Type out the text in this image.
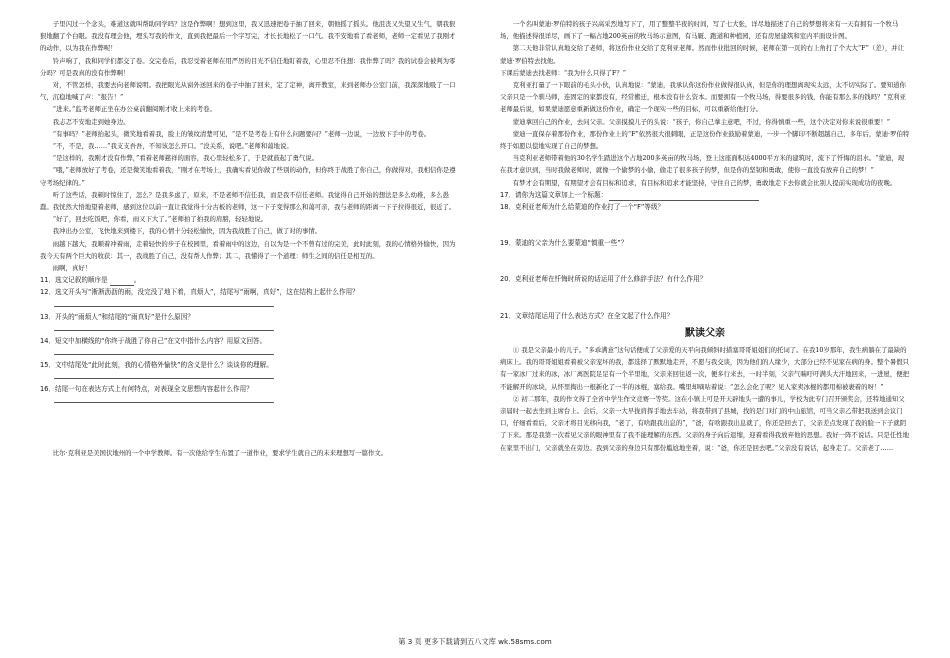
子里闪过一个念头，难道这就叫帮助同学吗？这是作弊啊！想到这里，我又迅速把卷子抽了回来，朝他摇了摇头。他沮丧又失望又生气，朝我狠狠地翻了个白眼。我没有理会他，埋头写我的作文，直到我把最后一个字写完，才长长地松了一口气。我不安地看了看老师，老师一定看见了我刚才的动作，以为我在作弊呢！

铃声响了，我和同学们都交了卷。交完卷后，我忍受着老师在用严厉的目光不信任地盯着我，心里忍不住想：我作弊了吗？我的试卷会被判为零分吗？可是我真的没有作弊啊！

对，不管怎样，我要去向老师说明。我把眼光从窗外送回来的卷子中抽了回来，定了定神，离开教室，来到老师办公室门前，我深深地吸了一口气，沉稳地喊了声：“报告！”

“进来。”监考老师正坐在办公桌前翻阅刚才收上来的考卷。

我忐忑不安地走到她身边。

“有事吗？”老师抬起头，微笑地看着我，脸上的皱纹清楚可见，“是不是考卷上有什么问题要问？”老师一边说，一边放下手中的考卷。

“不，不是，我……”我支支吾吾，不知该怎么开口。“没关系，说吧。”老师和蔼地说。

“是这样的，我刚才没有作弊，”看着老师慈祥的面容，我心里轻松多了，于是就鼓起了勇气说。

“哦，”老师放好了考卷，还是微笑地看着我，“刚才在考场上，我确实看见你做了些别的动作，但你终于战胜了你自己，你做得对，我相信你是遵守考场纪律的。”

听了这些话，我顿时惊住了，怎么？是我多虑了，原来，不是老师不信任我，而是我不信任老师。我觉得自己开始的想法是多么幼稚，多么愚蠢。我恍然大悟地望着老师，感到这位以前一直让我觉得十分古板的老师，这一下子变得那么和蔼可亲，我与老师的距离一下子拉得很近，很近了。

“好了，回去吃饭吧，你看，雨又下大了。”老师拍了拍我的肩膀，轻轻地说。

我冲出办公室，飞快地来到楼下，我的心情十分轻松愉快，因为我战胜了自己，做了对的事情。

雨越下越大，我顺着冲着雨，走着轻快的步子在校园里，看着雨中的这边，自以为是一个不曾有过的完美，此时此刻，我的心情格外愉快，因为我今天有两个巨大的收获：其一，我战胜了自己，没有帮人作弊；其二，我懂得了一个道理：师生之间的信任是相互的。

雨啊，真好！

11．选文记叙的顺序是	。
12．选文开头写“淅淅沥沥的雨，没完没了地下着，真烦人”，结尾写“雨啊，真好”，这在结构上起什么作用？
13．开头的“雨烦人”和结尾的“雨真好”是什么原因？
14．短文中加横线的“你终于战胜了你自己”在文中指什么内容？用原文回答。
15．文中结尾处“此时此刻，我的心情格外愉快”的含义是什么？谈谈你的理解。
16．结尾一句在表达方式上有何特点，对表现全文思想内容起什么作用？

比尔·克利亚是美国伏地州的一个中学教师。有一次他给学生布置了一道作业，要求学生就自己的未来理想写一篇作文。

一个名叫蒙迪·罗伯特的孩子兴高采烈地写下了，用了整整半夜的时间，写了七大张，详尽地描述了自己的梦想将来有一天有拥有一个牧马场，他描述得很详尽，画下了一幅占地200英亩的牧马场示意图，有马厩、跑道和种植园，还有房屋建筑和室内平面设计图。

第二天他非常认真地交给了老师，将这份作业交给了克利亚老师。然而作业批回的时候，老师在第一页的右上角打了个大大“F”（差），并让蒙迪·罗伯特去找他。

下课后蒙迪去找老师：“我为什么只得了F？”

克利亚打量了一下眼前的毛头小伙，认真地说：“蒙迪，我承认你这份作业做得很认真，但是你的理想离现实太远，太不切实际了。要知道你父亲只是一个驯马师，连固定的家都没有，经常搬迁，根本没有什么资本。而要拥有一个牧马场，得要很多的钱，你能有那么多的钱吗？”克利亚老师最后说，如果蒙迪愿意重新做这份作业，确定一个现实一些的目标，可以重新给他打分。

蒙迪拿回自己的作业，去问父亲。父亲摸摸儿子的头说：“孩子，你自己拿主意吧，不过，你得慎重一些，这个决定对你来说很重要！”

蒙迪一直保存着那份作业，那份作业上的“F”依然很大很刺眼，正是这份作业鼓励着蒙迪，一步一个脚印不断超越自己，多年后，蒙迪·罗伯特终于如愿以偿地实现了自己的梦想。

当克利亚老师带着他的30名学生踏进这个占地200多英亩的牧马场，登上这座面积达4000平方米的建筑时，流下了忏悔的泪水。“蒙迪，现在我才意识到，当时我做老师时，就像一个偷梦的小偷，偷走了很多孩子的梦，但是你的坚韧和勇敢，使你一直没有放弃自己的梦！”

有梦才会有期望，有期望才会有目标和追求，有目标和追求才能坚持，守住自己的梦，勇敢地走下去你就会比别人提前实现成功的夜晚。

17．请你为这篇文章加上一个标题：
18．克利亚老师为什么给蒙迪的作业打了一个“F”等级？
19．蒙迪的父亲为什么要蒙迪“慎重一些”？
20．克利亚老师在忏悔时所说的话运用了什么修辞手法？有什么作用？
21．文章结尾运用了什么表达方式？在全文起了什么作用？
默读父亲

① 我是父亲最小的儿子。“多乖满意”这句话便成了父亲爱的天平向我倾斜时措塞哥哥姐姐们的托词了。在我10岁那年，我生病躺在了最缺的病床上。我的哥哥姐姐看着被父亲宠坏的我，都选择了默默地走开，不愿与我交谈，因为他们的人缘少，大部分已经不见家在病的身。整个暑假只有一家冰厂过来的冰，冰厂离医院足足有一个半里地，父亲来回往返一次，便多行来去，一时半刻，父亲气喘吁吁满头大汗地回来，一进屋，便把不能解开的冰块，从怀里掏出一根新化了一半的冰棍，塞给我。嘴里却嘀咕着说：“怎么会化了呢？见人家卖冰棍的都用棉被裹着的呀！”

② 初二那年，我的作文得了全省中学生作文竞赛一等奖。这在小镇上可是开天辟地头一遭的事儿，学校为此专门召开颁奖会，还特地通知父亲届时一起去坐到主席台上。会后，父亲一大早拢肩挥手地去车站，将我带到了县城，找的是门对门的中山旅馆，可当父亲乙带把我送到会议门口，仔细看看后，父亲才将目光移向我，“老了，有啥跟我出息的”，“爸，有啥跟我出息就了，你还是回去了，父亲差点发现了我的脸一下子就阴了下来。那是我第一次看见父亲的眼神里有了我不能理解的东西。父亲的身子向后退缩，迎着看得我放弃他的思想。我好一阵不说话。只是任性地在家里不出门，父亲就坐在旁边。我到父亲的身边只有那份尴尬地坐着，说：“爸，你还是回去吧。”父亲没有说话，起身走了。父亲老了……

第 3 页 更多下载请到五八文库 wk.58sms.com
